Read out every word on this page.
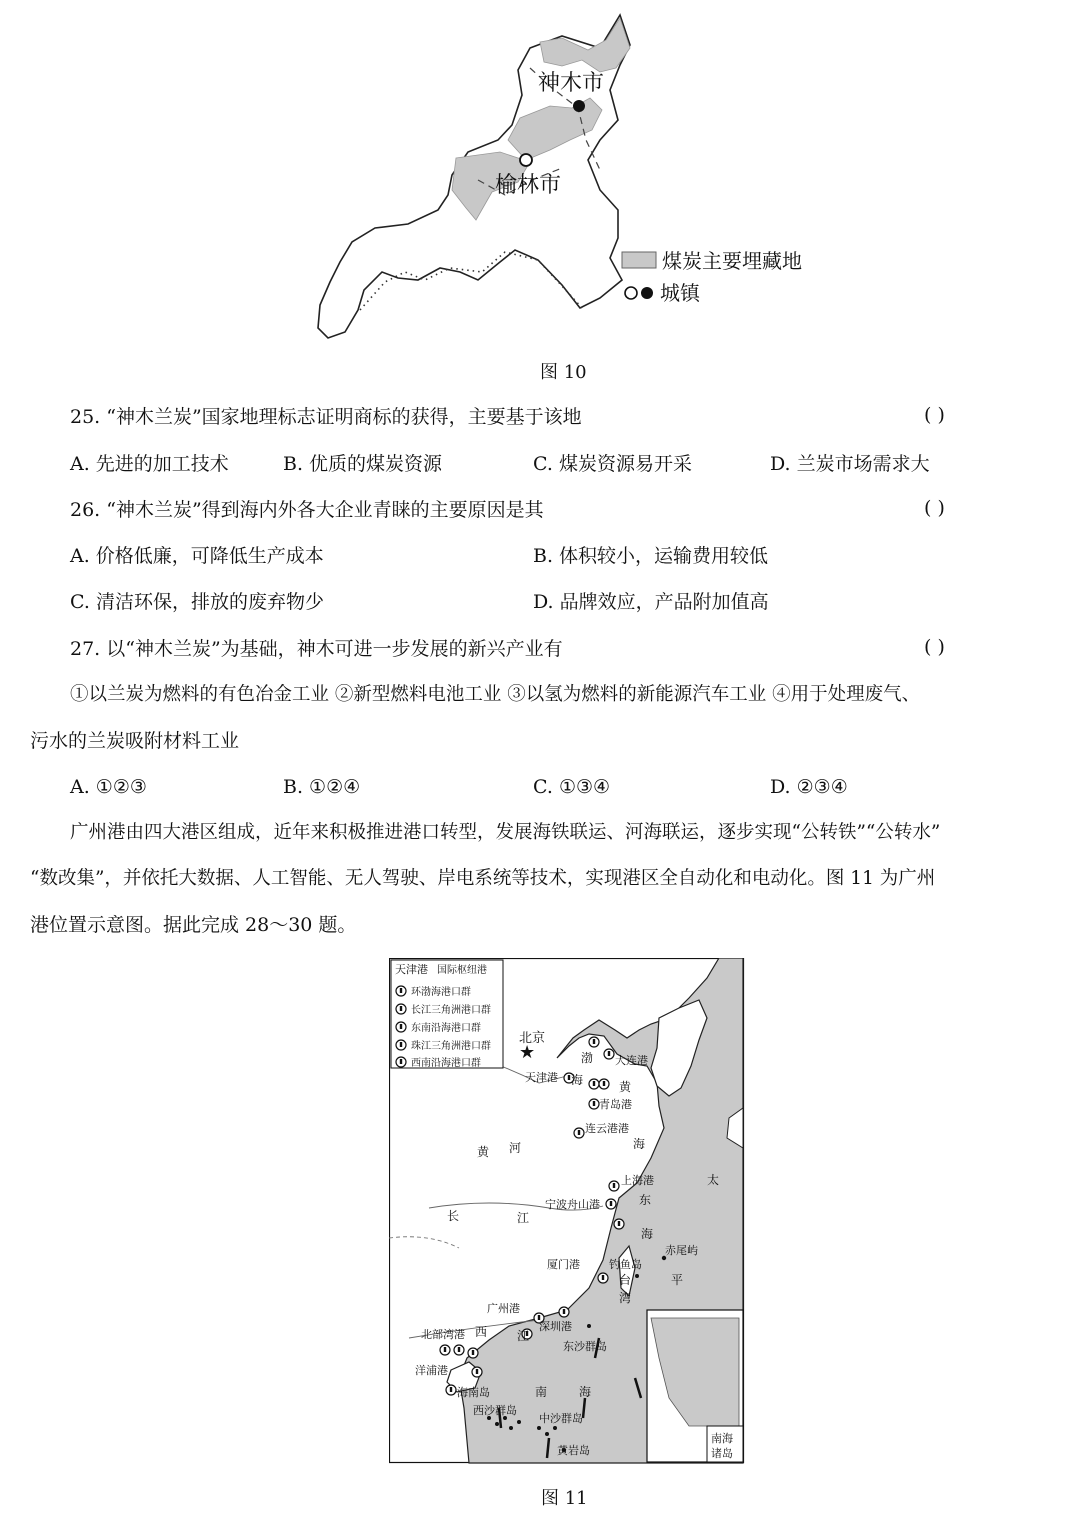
神木市
榆林市
煤炭主要埋藏地
城镇
图 10
25. “神木兰炭”国家地理标志证明商标的获得，主要基于该地	( )
A. 先进的加工技术	B. 优质的煤炭资源	C. 煤炭资源易开采	D. 兰炭市场需求大
26. “神木兰炭”得到海内外各大企业青睐的主要原因是其	( )
A. 价格低廉，可降低生产成本	B. 体积较小，运输费用较低
C. 清洁环保，排放的废弃物少	D. 品牌效应，产品附加值高
27. 以“神木兰炭”为基础，神木可进一步发展的新兴产业有	( )
①以兰炭为燃料的有色冶金工业 ②新型燃料电池工业 ③以氢为燃料的新能源汽车工业 ④用于处理废气、
污水的兰炭吸附材料工业
A. ①②③	B. ①②④	C. ①③④	D. ②③④
广州港由四大港区组成，近年来积极推进港口转型，发展海铁联运、河海联运，逐步实现“公转铁”“公转水”
“数改集”，并依托大数据、人工智能、无人驾驶、岸电系统等技术，实现港区全自动化和电动化。图 11 为广州
港位置示意图。据此完成 28～30 题。
天津港 国际枢纽港
环渤海港口群
长江三角洲港口群
东南沿海港口群
珠江三角洲港口群
西南沿海港口群
★
北京
天津港
大连港
渤
海	黄
青岛港
连云港港
海
黄 河
上海港	太
东
宁波舟山港
长	江
海
钓鱼岛
赤尾屿
厦门港
台
湾
平
广州港
深圳港
西 江
北部湾港
东沙群岛
洋浦港
海南岛	南	海
西沙群岛
中沙群岛
黄岩岛
南海
诸岛
图 11
